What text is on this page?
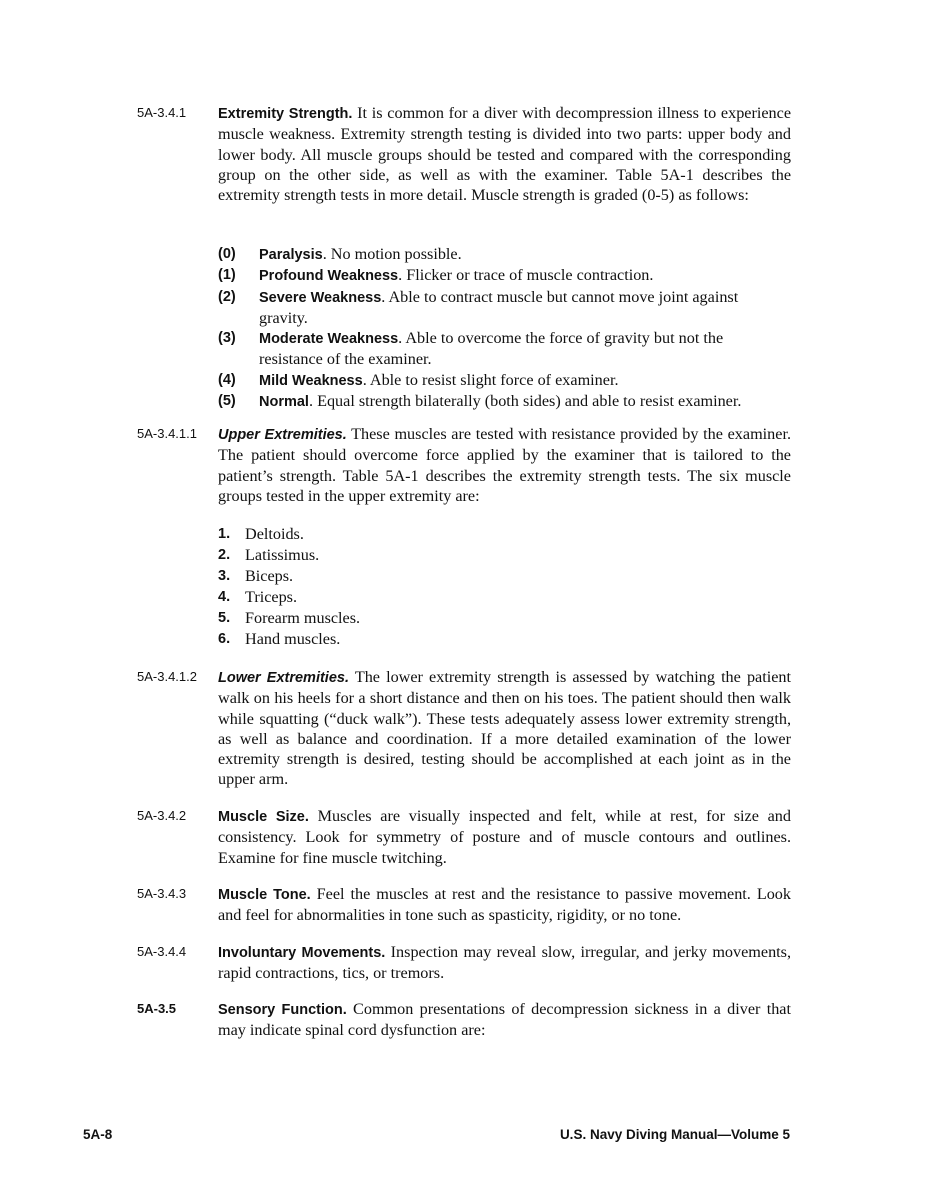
5A-3.4.1 Extremity Strength. It is common for a diver with decompression illness to experience muscle weakness. Extremity strength testing is divided into two parts: upper body and lower body. All muscle groups should be tested and compared with the corresponding group on the other side, as well as with the examiner. Table 5A-1 describes the extremity strength tests in more detail. Muscle strength is graded (0-5) as follows:
(0) Paralysis. No motion possible.
(1) Profound Weakness. Flicker or trace of muscle contraction.
(2) Severe Weakness. Able to contract muscle but cannot move joint against gravity.
(3) Moderate Weakness. Able to overcome the force of gravity but not the resistance of the examiner.
(4) Mild Weakness. Able to resist slight force of examiner.
(5) Normal. Equal strength bilaterally (both sides) and able to resist examiner.
5A-3.4.1.1 Upper Extremities. These muscles are tested with resistance provided by the examiner. The patient should overcome force applied by the examiner that is tailored to the patient’s strength. Table 5A-1 describes the extremity strength tests. The six muscle groups tested in the upper extremity are:
1. Deltoids.
2. Latissimus.
3. Biceps.
4. Triceps.
5. Forearm muscles.
6. Hand muscles.
5A-3.4.1.2 Lower Extremities. The lower extremity strength is assessed by watching the patient walk on his heels for a short distance and then on his toes. The patient should then walk while squatting (“duck walk”). These tests adequately assess lower extremity strength, as well as balance and coordination. If a more detailed examination of the lower extremity strength is desired, testing should be accomplished at each joint as in the upper arm.
5A-3.4.2 Muscle Size. Muscles are visually inspected and felt, while at rest, for size and consistency. Look for symmetry of posture and of muscle contours and outlines. Examine for fine muscle twitching.
5A-3.4.3 Muscle Tone. Feel the muscles at rest and the resistance to passive movement. Look and feel for abnormalities in tone such as spasticity, rigidity, or no tone.
5A-3.4.4 Involuntary Movements. Inspection may reveal slow, irregular, and jerky movements, rapid contractions, tics, or tremors.
5A-3.5	Sensory Function. Common presentations of decompression sickness in a diver that may indicate spinal cord dysfunction are:
5A-8	U.S. Navy Diving Manual—Volume 5
